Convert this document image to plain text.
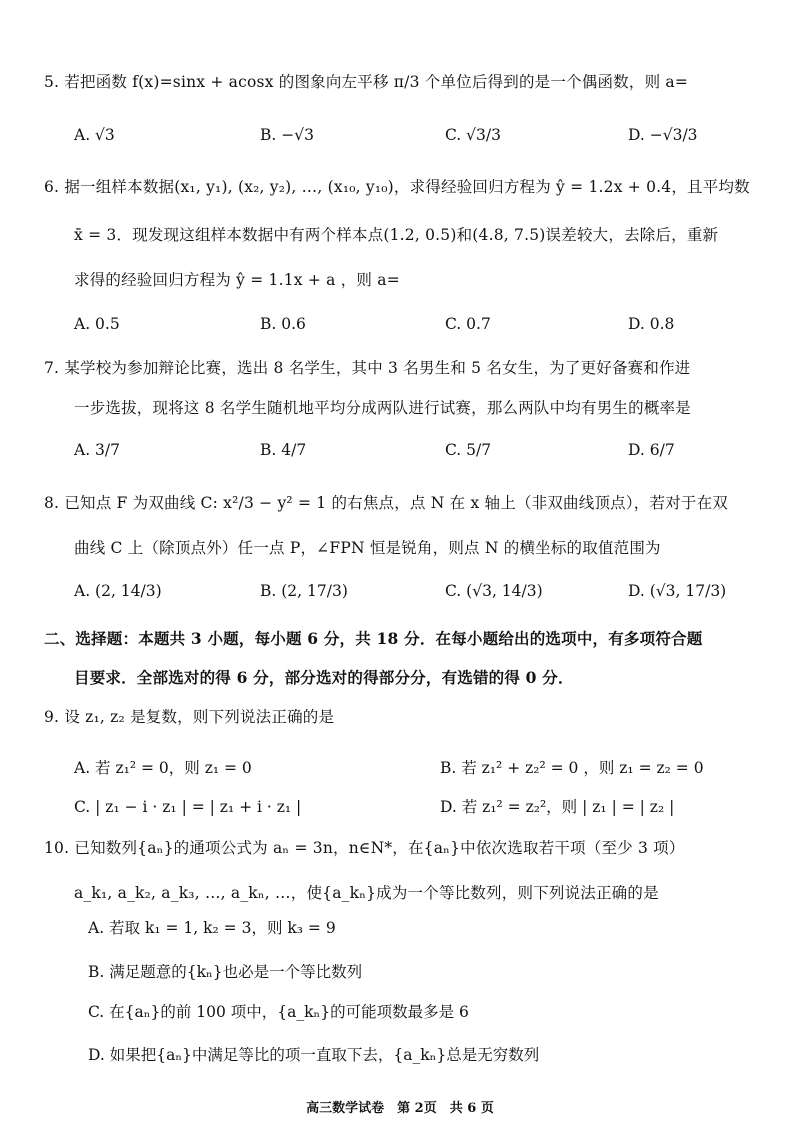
5. 若把函数 f(x)=sinx + acosx 的图象向左平移 π/3 个单位后得到的是一个偶函数，则 a=
A. √3	B. −√3	C. √3/3	D. −√3/3
6. 据一组样本数据(x₁, y₁), (x₂, y₂), …, (x₁₀, y₁₀)，求得经验回归方程为 ŷ = 1.2x + 0.4，且平均数
x̄ = 3．现发现这组样本数据中有两个样本点(1.2, 0.5)和(4.8, 7.5)误差较大，去除后，重新
求得的经验回归方程为 ŷ = 1.1x + a ，则 a=
A. 0.5	B. 0.6	C. 0.7	D. 0.8
7. 某学校为参加辩论比赛，选出 8 名学生，其中 3 名男生和 5 名女生，为了更好备赛和作进
一步选拔，现将这 8 名学生随机地平均分成两队进行试赛，那么两队中均有男生的概率是
A. 3/7	B. 4/7	C. 5/7	D. 6/7
8. 已知点 F 为双曲线 C: x²/3 − y² = 1 的右焦点，点 N 在 x 轴上（非双曲线顶点），若对于在双
曲线 C 上（除顶点外）任一点 P，∠FPN 恒是锐角，则点 N 的横坐标的取值范围为
A. (2, 14/3)	B. (2, 17/3)	C. (√3, 14/3)	D. (√3, 17/3)
二、选择题：本题共 3 小题，每小题 6 分，共 18 分．在每小题给出的选项中，有多项符合题
目要求．全部选对的得 6 分，部分选对的得部分分，有选错的得 0 分．
9. 设 z₁, z₂ 是复数，则下列说法正确的是
A. 若 z₁² = 0，则 z₁ = 0	B. 若 z₁² + z₂² = 0 ，则 z₁ = z₂ = 0
C. | z₁ − i · z₁ | = | z₁ + i · z₁ |	D. 若 z₁² = z₂²，则 | z₁ | = | z₂ |
10. 已知数列{aₙ}的通项公式为 aₙ = 3n，n∈N*，在{aₙ}中依次选取若干项（至少 3 项）
a_k₁, a_k₂, a_k₃, …, a_kₙ, …，使{a_kₙ}成为一个等比数列，则下列说法正确的是
A. 若取 k₁ = 1, k₂ = 3，则 k₃ = 9
B. 满足题意的{kₙ}也必是一个等比数列
C. 在{aₙ}的前 100 项中，{a_kₙ}的可能项数最多是 6
D. 如果把{aₙ}中满足等比的项一直取下去，{a_kₙ}总是无穷数列
高三数学试卷　第 2页　共 6 页
